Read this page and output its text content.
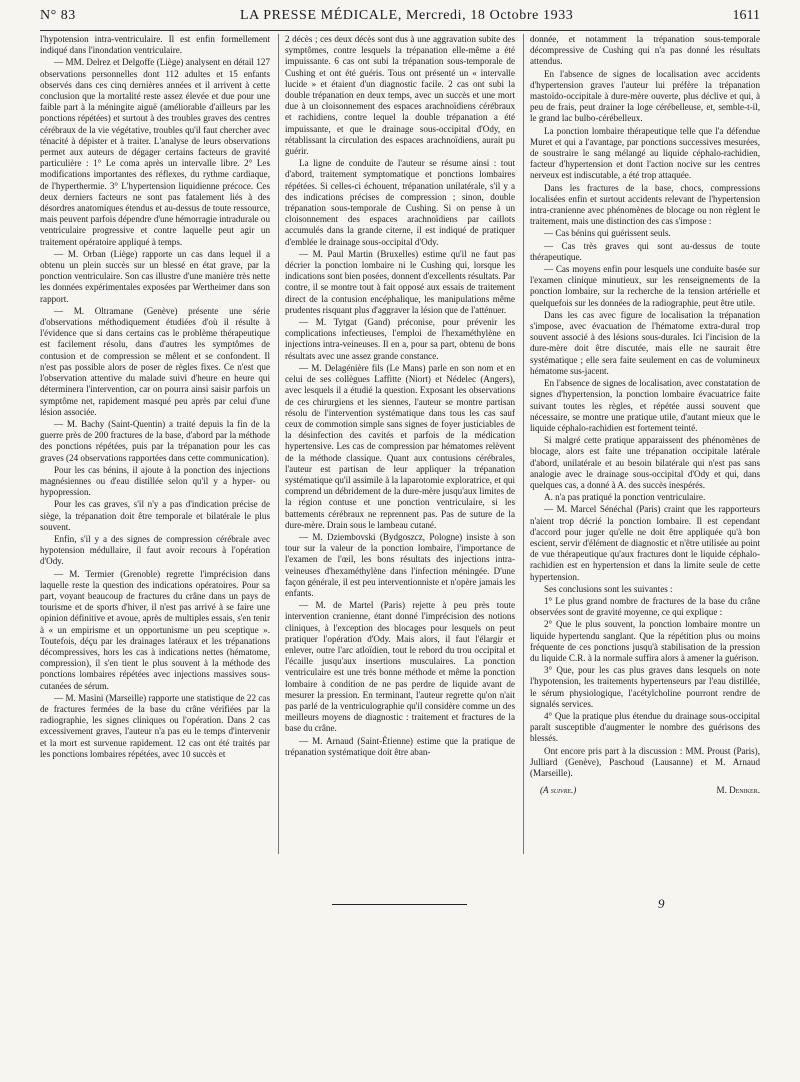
N° 83	LA PRESSE MÉDICALE, Mercredi, 18 Octobre 1933	1611

l'hypotension intra-ventriculaire. Il est enfin formellement indiqué dans l'inondation ventriculaire.

— MM. Delrez et Delgoffe (Liège) analysent en détail 127 observations personnelles dont 112 adultes et 15 enfants observés dans ces cinq dernières années et il arrivent à cette conclusion que la mortalité reste assez élevée et due pour une faible part à la méningite aiguë (améliorable d'ailleurs par les ponctions répétées) et surtout à des troubles graves des centres cérébraux de la vie végétative, troubles qu'il faut chercher avec ténacité à dépister et à traiter. L'analyse de leurs observations permet aux auteurs de dégager certains facteurs de gravité particulière : 1° Le coma après un intervalle libre. 2° Les modifications importantes des réflexes, du rythme cardiaque, de l'hyperthermie. 3° L'hypertension liquidienne précoce. Ces deux derniers facteurs ne sont pas fatalement liés à des désordres anatomiques étendus et au-dessus de toute ressource, mais peuvent parfois dépendre d'une hémorragie intradurale ou ventriculaire progressive et contre laquelle peut agir un traitement opératoire appliqué à temps.

— M. Orban (Liège) rapporte un cas dans lequel il a obtenu un plein succès sur un blessé en état grave, par la ponction ventriculaire. Son cas illustre d'une manière très nette les données expérimentales exposées par Wertheimer dans son rapport.

— M. Oltramane (Genève) présente une série d'observations méthodiquement étudiées d'où il résulte à l'évidence que si dans certains cas le problème thérapeutique est facilement résolu, dans d'autres les symptômes de contusion et de compression se mêlent et se confondent. Il n'est pas possible alors de poser de règles fixes. Ce n'est que l'observation attentive du malade suivi d'heure en heure qui déterminera l'intervention, car on pourra ainsi saisir parfois un symptôme net, rapidement masqué peu après par celui d'une lésion associée.

— M. Bachy (Saint-Quentin) a traité depuis la fin de la guerre près de 200 fractures de la base, d'abord par la méthode des ponctions répétées, puis par la trépanation pour les cas graves (24 observations rapportées dans cette communication).

Pour les cas bénins, il ajoute à la ponction des injections magnésiennes ou d'eau distillée selon qu'il y a hyper- ou hypopression.

Pour les cas graves, s'il n'y a pas d'indication précise de siège, la trépanation doit être temporale et bilatérale le plus souvent.

Enfin, s'il y a des signes de compression cérébrale avec hypotension médullaire, il faut avoir recours à l'opération d'Ody.

— M. Termier (Grenoble) regrette l'imprécision dans laquelle reste la question des indications opératoires. Pour sa part, voyant beaucoup de fractures du crâne dans un pays de tourisme et de sports d'hiver, il n'est pas arrivé à se faire une opinion définitive et avoue, après de multiples essais, s'en tenir à « un empirisme et un opportunisme un peu sceptique ». Toutefois, déçu par les drainages latéraux et les trépanations décompressives, hors les cas à indications nettes (hématome, compression), il s'en tient le plus souvent à la méthode des ponctions lombaires répétées avec injections massives sous-cutanées de sérum.

— M. Masini (Marseille) rapporte une statistique de 22 cas de fractures fermées de la base du crâne vérifiées par la radiographie, les signes cliniques ou l'opération. Dans 2 cas excessivement graves, l'auteur n'a pas eu le temps d'intervenir et la mort est survenue rapidement. 12 cas ont été traités par les ponctions lombaires répétées, avec 10 succès et

2 décès ; ces deux décès sont dus à une aggravation subite des symptômes, contre lesquels la trépanation elle-même a été impuissante. 6 cas ont subi la trépanation sous-temporale de Cushing et ont été guéris. Tous ont présenté un « intervalle lucide » et étaient d'un diagnostic facile. 2 cas ont subi la double trépanation en deux temps, avec un succès et une mort due à un cloisonnement des espaces arachnoïdiens cérébraux et rachidiens, contre lequel la double trépanation a été impuissante, et que le drainage sous-occipital d'Ody, en rétablissant la circulation des espaces arachnoïdiens, aurait pu guérir.

La ligne de conduite de l'auteur se résume ainsi : tout d'abord, traitement symptomatique et ponctions lombaires répétées. Si celles-ci échouent, trépanation unilatérale, s'il y a des indications précises de compression ; sinon, double trépanation sous-temporale de Cushing. Si on pense à un cloisonnement des espaces arachnoïdiens par caillots accumulés dans la grande citerne, il est indiqué de pratiquer d'emblée le drainage sous-occipital d'Ody.

— M. Paul Martin (Bruxelles) estime qu'il ne faut pas décrier la ponction lombaire ni le Cushing qui, lorsque les indications sont bien posées, donnent d'excellents résultats. Par contre, il se montre tout à fait opposé aux essais de traitement direct de la contusion encéphalique, les manipulations même prudentes risquant plus d'aggraver la lésion que de l'atténuer.

— M. Tytgat (Gand) préconise, pour prévenir les complications infectieuses, l'emploi de l'hexaméthylène en injections intra-veineuses. Il en a, pour sa part, obtenu de bons résultats avec une assez grande constance.

— M. Delagénière fils (Le Mans) parle en son nom et en celui de ses collègues Laffitte (Niort) et Nédelec (Angers), avec lesquels il a étudié la question. Exposant les observations de ces chirurgiens et les siennes, l'auteur se montre partisan résolu de l'intervention systématique dans tous les cas sauf ceux de commotion simple sans signes de foyer justiciables de la désinfection des cavités et parfois de la médication hypertensive. Les cas de compression par hématomes relèvent de la méthode classique. Quant aux contusions cérébrales, l'auteur est partisan de leur appliquer la trépanation systématique qu'il assimile à la laparotomie exploratrice, et qui comprend un débridement de la dure-mère jusqu'aux limites de la région contuse et une ponction ventriculaire, si les battements cérébraux ne reprennent pas. Pas de suture de la dure-mère. Drain sous le lambeau cutané.

— M. Dziembovski (Bydgoszcz, Pologne) insiste à son tour sur la valeur de la ponction lombaire, l'importance de l'examen de l'œil, les bons résultats des injections intra-veineuses d'hexaméthylène dans l'infection méningée. D'une façon générale, il est peu interventionniste et n'opère jamais les enfants.

— M. de Martel (Paris) rejette à peu près toute intervention cranienne, étant donné l'imprécision des notions cliniques, à l'exception des blocages pour lesquels on peut pratiquer l'opération d'Ody. Mais alors, il faut l'élargir et enlever, outre l'arc atloïdien, tout le rebord du trou occipital et l'écaille jusqu'aux insertions musculaires. La ponction ventriculaire est une très bonne méthode et même la ponction lombaire à condition de ne pas perdre de liquide avant de mesurer la pression. En terminant, l'auteur regrette qu'on n'ait pas parlé de la ventriculographie qu'il considère comme un des meilleurs moyens de diagnostic : traitement et fractures de la base du crâne.

— M. Arnaud (Saint-Étienne) estime que la pratique de trépanation systématique doit être aban-

donnée, et notamment la trépanation sous-temporale décompressive de Cushing qui n'a pas donné les résultats attendus.

En l'absence de signes de localisation avec accidents d'hypertension graves l'auteur lui préfère la trépanation mastoïdo-occipitale à dure-mère ouverte, plus déclive et qui, à peu de frais, peut drainer la loge cérébelleuse, et, semble-t-il, le grand lac bulbo-cérébelleux.

La ponction lombaire thérapeutique telle que l'a défendue Muret et qui a l'avantage, par ponctions successives mesurées, de soustraire le sang mélangé au liquide céphalo-rachidien, facteur d'hypertension et dont l'action nocive sur les centres nerveux est indiscutable, a été trop attaquée.

Dans les fractures de la base, chocs, compressions localisées enfin et surtout accidents relevant de l'hypertension intra-cranienne avec phénomènes de blocage ou non règlent le traitement, mais une distinction des cas s'impose :

— Cas bénins qui guérissent seuls.

— Cas très graves qui sont au-dessus de toute thérapeutique.

— Cas moyens enfin pour lesquels une conduite basée sur l'examen clinique minutieux, sur les renseignements de la ponction lombaire, sur la recherche de la tension artérielle et quelquefois sur les données de la radiographie, peut être utile.

Dans les cas avec figure de localisation la trépanation s'impose, avec évacuation de l'hématome extra-dural trop souvent associé à des lésions sous-durales. Ici l'incision de la dure-mère doit être discutée, mais elle ne saurait être systématique ; elle sera faite seulement en cas de volumineux hématome sus-jacent.

En l'absence de signes de localisation, avec constatation de signes d'hypertension, la ponction lombaire évacuatrice faite suivant toutes les règles, et répétée aussi souvent que nécessaire, se montre une pratique utile, d'autant mieux que le liquide céphalo-rachidien est fortement teinté.

Si malgré cette pratique apparaissent des phénomènes de blocage, alors est faite une trépanation occipitale latérale d'abord, unilatérale et au besoin bilatérale qui n'est pas sans analogie avec le drainage sous-occipital d'Ody et qui, dans quelques cas, a donné à A. des succès inespérés.

A. n'a pas pratiqué la ponction ventriculaire.

— M. Marcel Sénéchal (Paris) craint que les rapporteurs n'aient trop décrié la ponction lombaire. Il est cependant d'accord pour juger qu'elle ne doit être appliquée qu'à bon escient, servir d'élément de diagnostic et n'être utilisée au point de vue thérapeutique qu'aux fractures dont le liquide céphalo-rachidien est en hypertension et dans la limite seule de cette hypertension.

Ses conclusions sont les suivantes :

1° Le plus grand nombre de fractures de la base du crâne observées sont de gravité moyenne, ce qui explique :

2° Que le plus souvent, la ponction lombaire montre un liquide hypertendu sanglant. Que la répétition plus ou moins fréquente de ces ponctions jusqu'à stabilisation de la pression du liquide C.R. à la normale suffira alors à amener la guérison.

3° Que, pour les cas plus graves dans lesquels on note l'hypotension, les traitements hypertenseurs par l'eau distillée, le sérum physiologique, l'acétylcholine pourront rendre de signalés services.

4° Que la pratique plus étendue du drainage sous-occipital paraît susceptible d'augmenter le nombre des guérisons des blessés.

Ont encore pris part à la discussion : MM. Proust (Paris), Julliard (Genève), Paschoud (Lausanne) et M. Arnaud (Marseille).

(A suivre.)	M. Deniker.
9
